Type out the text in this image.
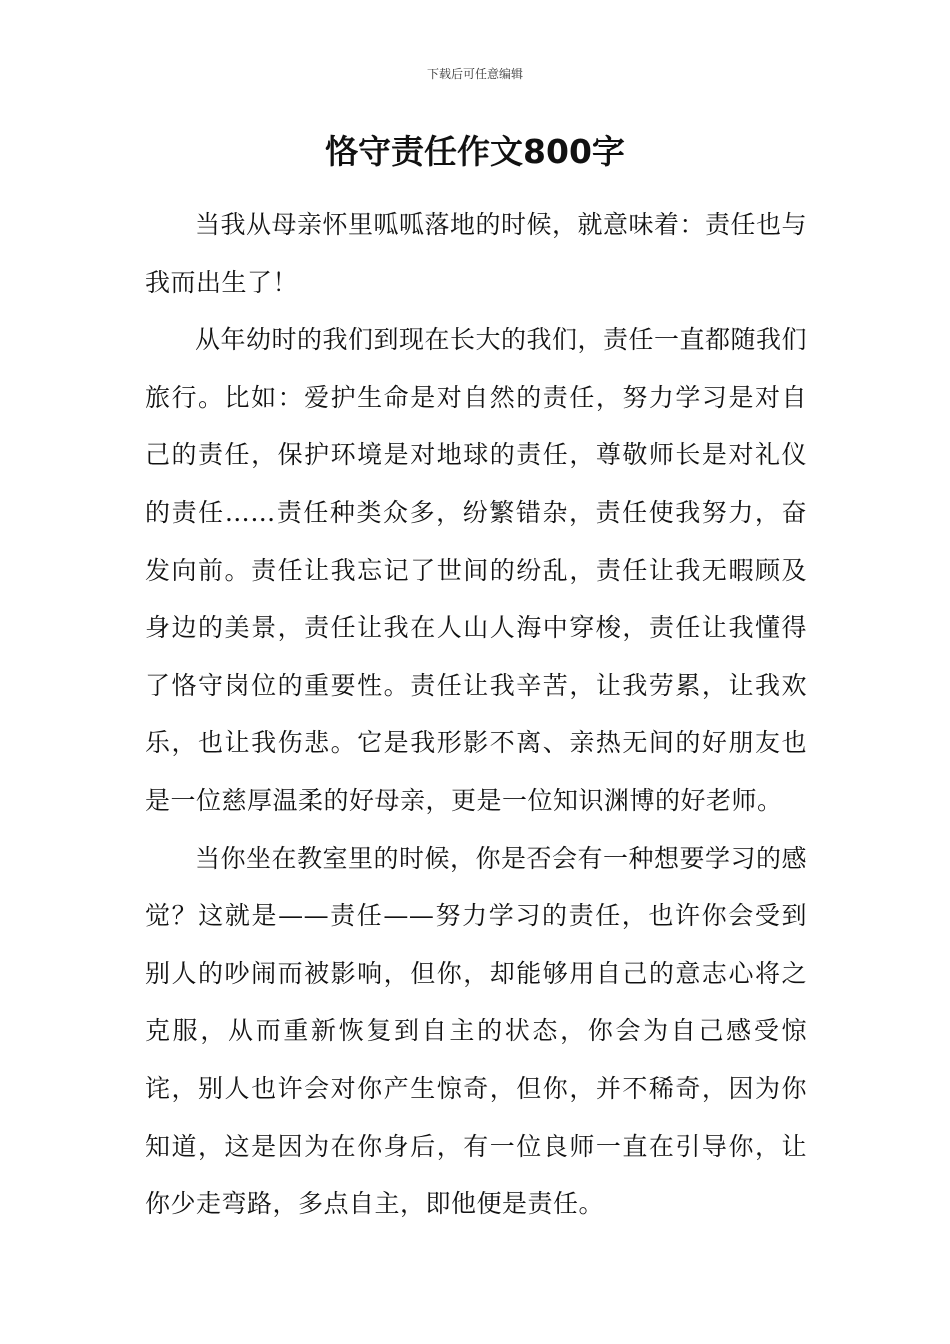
下载后可任意编辑
恪守责任作文800字

当我从母亲怀里呱呱落地的时候，就意味着：责任也与我而出生了！

从年幼时的我们到现在长大的我们，责任一直都随我们旅行。比如：爱护生命是对自然的责任，努力学习是对自己的责任，保护环境是对地球的责任，尊敬师长是对礼仪的责任……责任种类众多，纷繁错杂，责任使我努力，奋发向前。责任让我忘记了世间的纷乱，责任让我无暇顾及身边的美景，责任让我在人山人海中穿梭，责任让我懂得了恪守岗位的重要性。责任让我辛苦，让我劳累，让我欢乐，也让我伤悲。它是我形影不离、亲热无间的好朋友也是一位慈厚温柔的好母亲，更是一位知识渊博的好老师。

当你坐在教室里的时候，你是否会有一种想要学习的感觉？这就是——责任——努力学习的责任，也许你会受到别人的吵闹而被影响，但你，却能够用自己的意志心将之克服，从而重新恢复到自主的状态，你会为自己感受惊诧，别人也许会对你产生惊奇，但你，并不稀奇，因为你知道，这是因为在你身后，有一位良师一直在引导你，让你少走弯路，多点自主，即他便是责任。
